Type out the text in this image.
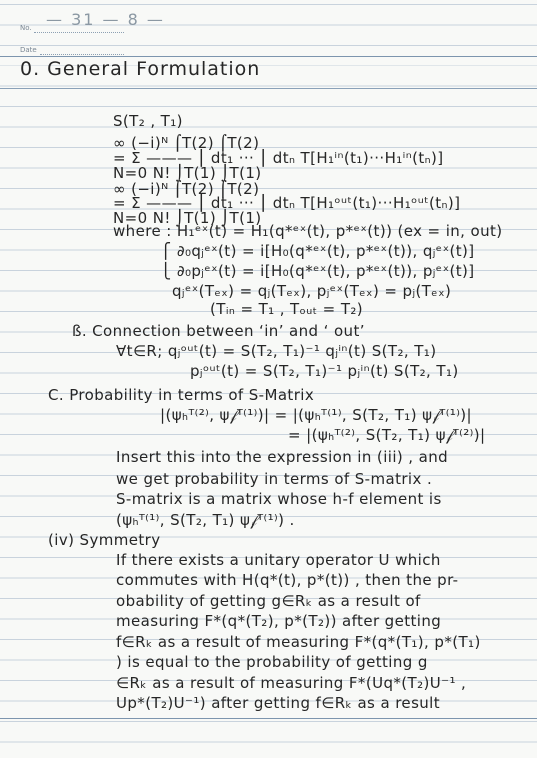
No. — 31 — 8 —
Date
0. General Formulation
S(T₂ , T₁)
∞ (−i)ᴺ ⌠T(2) ⌠T(2)
= Σ ——— ⎮ dt₁ ··· ⎮ dtₙ T[H₁ⁱⁿ(t₁)···H₁ⁱⁿ(tₙ)]
N=0 N! ⌡T(1) ⌡T(1)
∞ (−i)ᴺ ⌠T(2) ⌠T(2)
= Σ ——— ⎮ dt₁ ··· ⎮ dtₙ T[H₁ᵒᵘᵗ(t₁)···H₁ᵒᵘᵗ(tₙ)]
N=0 N! ⌡T(1) ⌡T(1)
where : H₁ᵉˣ(t) = H₁(q*ᵉˣ(t), p*ᵉˣ(t)) (ex = in, out)
⎧ ∂₀qⱼᵉˣ(t) = i[H₀(q*ᵉˣ(t), p*ᵉˣ(t)), qⱼᵉˣ(t)]
⎩ ∂₀pⱼᵉˣ(t) = i[H₀(q*ᵉˣ(t), p*ᵉˣ(t)), pⱼᵉˣ(t)]
qⱼᵉˣ(Tₑₓ) = qⱼ(Tₑₓ), pⱼᵉˣ(Tₑₓ) = pⱼ(Tₑₓ)
(Tᵢₙ = T₁ , Tₒᵤₜ = T₂)
ß. Connection between ‘in’ and ‘ out’
∀t∈R; qⱼᵒᵘᵗ(t) = S(T₂, T₁)⁻¹ qⱼⁱⁿ(t) S(T₂, T₁)
pⱼᵒᵘᵗ(t) = S(T₂, T₁)⁻¹ pⱼⁱⁿ(t) S(T₂, T₁)
C. Probability in terms of S-Matrix
|(ψₕᵀ⁽²⁾, ψ𝒻ᵀ⁽¹⁾)| = |(ψₕᵀ⁽¹⁾, S(T₂, T₁) ψ𝒻ᵀ⁽¹⁾)|
= |(ψₕᵀ⁽²⁾, S(T₂, T₁) ψ𝒻ᵀ⁽²⁾)|
Insert this into the expression in (iii) , and
we get probability in terms of S-matrix .
S-matrix is a matrix whose h-f element is
(ψₕᵀ⁽¹⁾, S(T₂, T₁) ψ𝒻ᵀ⁽¹⁾) .
(iv) Symmetry
If there exists a unitary operator U which
commutes with H(q*(t), p*(t)) , then the pr-
obability of getting g∈Rₖ as a result of
measuring F*(q*(T₂), p*(T₂)) after getting
f∈Rₖ as a result of measuring F*(q*(T₁), p*(T₁)
) is equal to the probability of getting g
∈Rₖ as a result of measuring F*(Uq*(T₂)U⁻¹ ,
Up*(T₂)U⁻¹) after getting f∈Rₖ as a result
